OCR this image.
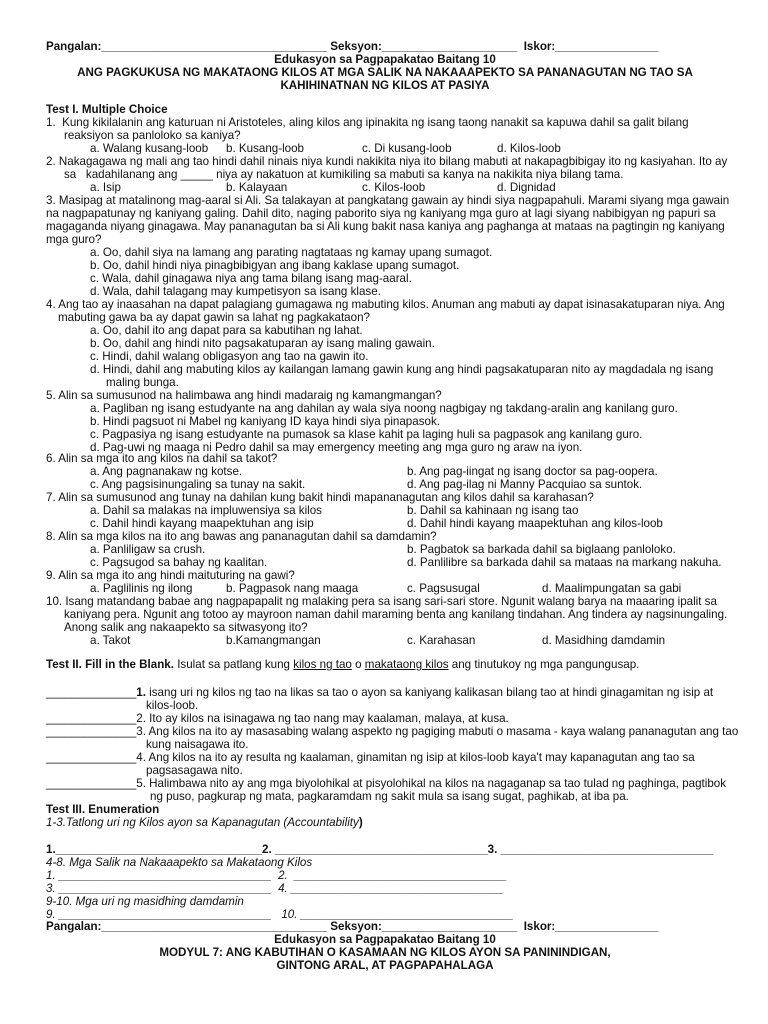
Pangalan:___________________________________ Seksyon:_____________________  Iskor:________________
Edukasyon sa Pagpapakatao Baitang 10
ANG PAGKUKUSA NG MAKATAONG KILOS AT MGA SALIK NA NAKAAAPEKTO SA PANANAGUTAN NG TAO SA
KAHIHINATNAN NG KILOS AT PASIYA
Test I. Multiple Choice
1.  Kung kikilalanin ang katuruan ni Aristoteles, aling kilos ang ipinakita ng isang taong nanakit sa kapuwa dahil sa galit bilang
reaksiyon sa panloloko sa kaniya?
a. Walang kusang-loob b. Kusang-loob	c. Di kusang-loob	d. Kilos-loob
2. Nakagagawa ng mali ang tao hindi dahil ninais niya kundi nakikita niya ito bilang mabuti at nakapagbibigay ito ng kasiyahan. Ito ay
sa   kadahilanang ang _____ niya ay nakatuon at kumikiling sa mabuti sa kanya na nakikita niya bilang tama.
a. Isip	b. Kalayaan	c. Kilos-loob	d. Dignidad
3. Masipag at matalinong mag-aaral si Ali. Sa talakayan at pangkatang gawain ay hindi siya nagpapahuli. Marami siyang mga gawain
na nagpapatunay ng kaniyang galing. Dahil dito, naging paborito siya ng kaniyang mga guro at lagi siyang nabibigyan ng papuri sa
magaganda niyang ginagawa. May pananagutan ba si Ali kung bakit nasa kaniya ang paghanga at mataas na pagtingin ng kaniyang
mga guro?
a. Oo, dahil siya na lamang ang parating nagtataas ng kamay upang sumagot.
b. Oo, dahil hindi niya pinagbibigyan ang ibang kaklase upang sumagot.
c. Wala, dahil ginagawa niya ang tama bilang isang mag-aaral.
d. Wala, dahil talagang may kumpetisyon sa isang klase.
4. Ang tao ay inaasahan na dapat palagiang gumagawa ng mabuting kilos. Anuman ang mabuti ay dapat isinasakatuparan niya. Ang
mabuting gawa ba ay dapat gawin sa lahat ng pagkakataon?
a. Oo, dahil ito ang dapat para sa kabutihan ng lahat.
b. Oo, dahil ang hindi nito pagsakatuparan ay isang maling gawain.
c. Hindi, dahil walang obligasyon ang tao na gawin ito.
d. Hindi, dahil ang mabuting kilos ay kailangan lamang gawin kung ang hindi pagsakatuparan nito ay magdadala ng isang
maling bunga.
5. Alin sa sumusunod na halimbawa ang hindi madaraig ng kamangmangan?
a. Pagliban ng isang estudyante na ang dahilan ay wala siya noong nagbigay ng takdang-aralin ang kanilang guro.
b. Hindi pagsuot ni Mabel ng kaniyang ID kaya hindi siya pinapasok.
c. Pagpasiya ng isang estudyante na pumasok sa klase kahit pa laging huli sa pagpasok ang kanilang guro.
d. Pag-uwi ng maaga ni Pedro dahil sa may emergency meeting ang mga guro ng araw na iyon.
6. Alin sa mga ito ang kilos na dahil sa takot?
a. Ang pagnanakaw ng kotse.	b. Ang pag-iingat ng isang doctor sa pag-oopera.
c. Ang pagsisinungaling sa tunay na sakit.	d. Ang pag-ilag ni Manny Pacquiao sa suntok.
7. Alin sa sumusunod ang tunay na dahilan kung bakit hindi mapananagutan ang kilos dahil sa karahasan?
a. Dahil sa malakas na impluwensiya sa kilos	b. Dahil sa kahinaan ng isang tao
c. Dahil hindi kayang maapektuhan ang isip	d. Dahil hindi kayang maapektuhan ang kilos-loob
8. Alin sa mga kilos na ito ang bawas ang pananagutan dahil sa damdamin?
a. Panliligaw sa crush.	b. Pagbatok sa barkada dahil sa biglaang panloloko.
c. Pagsugod sa bahay ng kaalitan.	d. Panlilibre sa barkada dahil sa mataas na markang nakuha.
9. Alin sa mga ito ang hindi maituturing na gawi?
a. Paglilinis ng ilong	b. Pagpasok nang maaga	c. Pagsusugal	d. Maalimpungatan sa gabi
10. Isang matandang babae ang nagpapapalit ng malaking pera sa isang sari-sari store. Ngunit walang barya na maaaring ipalit sa
kaniyang pera. Ngunit ang totoo ay mayroon naman dahil maraming benta ang kanilang tindahan. Ang tindera ay nagsinungaling.
Anong salik ang nakaapekto sa sitwasyong ito?
a. Takot	b.Kamangmangan	c. Karahasan	d. Masidhing damdamin
Test II. Fill in the Blank. Isulat sa patlang kung kilos ng tao o makataong kilos ang tinutukoy ng mga pangungusap.
______________1. isang uri ng kilos ng tao na likas sa tao o ayon sa kaniyang kalikasan bilang tao at hindi ginagamitan ng isip at
kilos-loob.
______________2. Ito ay kilos na isinagawa ng tao nang may kaalaman, malaya, at kusa.
______________3. Ang kilos na ito ay masasabing walang aspekto ng pagiging mabuti o masama - kaya walang pananagutan ang tao
kung naisagawa ito.
______________4. Ang kilos na ito ay resulta ng kaalaman, ginamitan ng isip at kilos-loob kaya't may kapanagutan ang tao sa
pagsasagawa nito.
______________5. Halimbawa nito ay ang mga biyolohikal at pisyolohikal na kilos na nagaganap sa tao tulad ng paghinga, pagtibok
ng puso, pagkurap ng mata, pagkaramdam ng sakit mula sa isang sugat, paghikab, at iba pa.
Test III. Enumeration
1-3.Tatlong uri ng Kilos ayon sa Kapanagutan (Accountability)
1.________________________________2. _________________________________3. _________________________________
4-8. Mga Salik na Nakaaapekto sa Makataong Kilos
1. _________________________________  2.  _________________________________
3. _________________________________  4. _________________________________
9-10. Mga uri ng masidhing damdamin
9. _________________________________   10. _________________________________
Pangalan:___________________________________ Seksyon:_____________________  Iskor:________________
Edukasyon sa Pagpapakatao Baitang 10
MODYUL 7: ANG KABUTIHAN O KASAMAAN NG KILOS AYON SA PANININDIGAN,
GINTONG ARAL, AT PAGPAPAHALAGA
